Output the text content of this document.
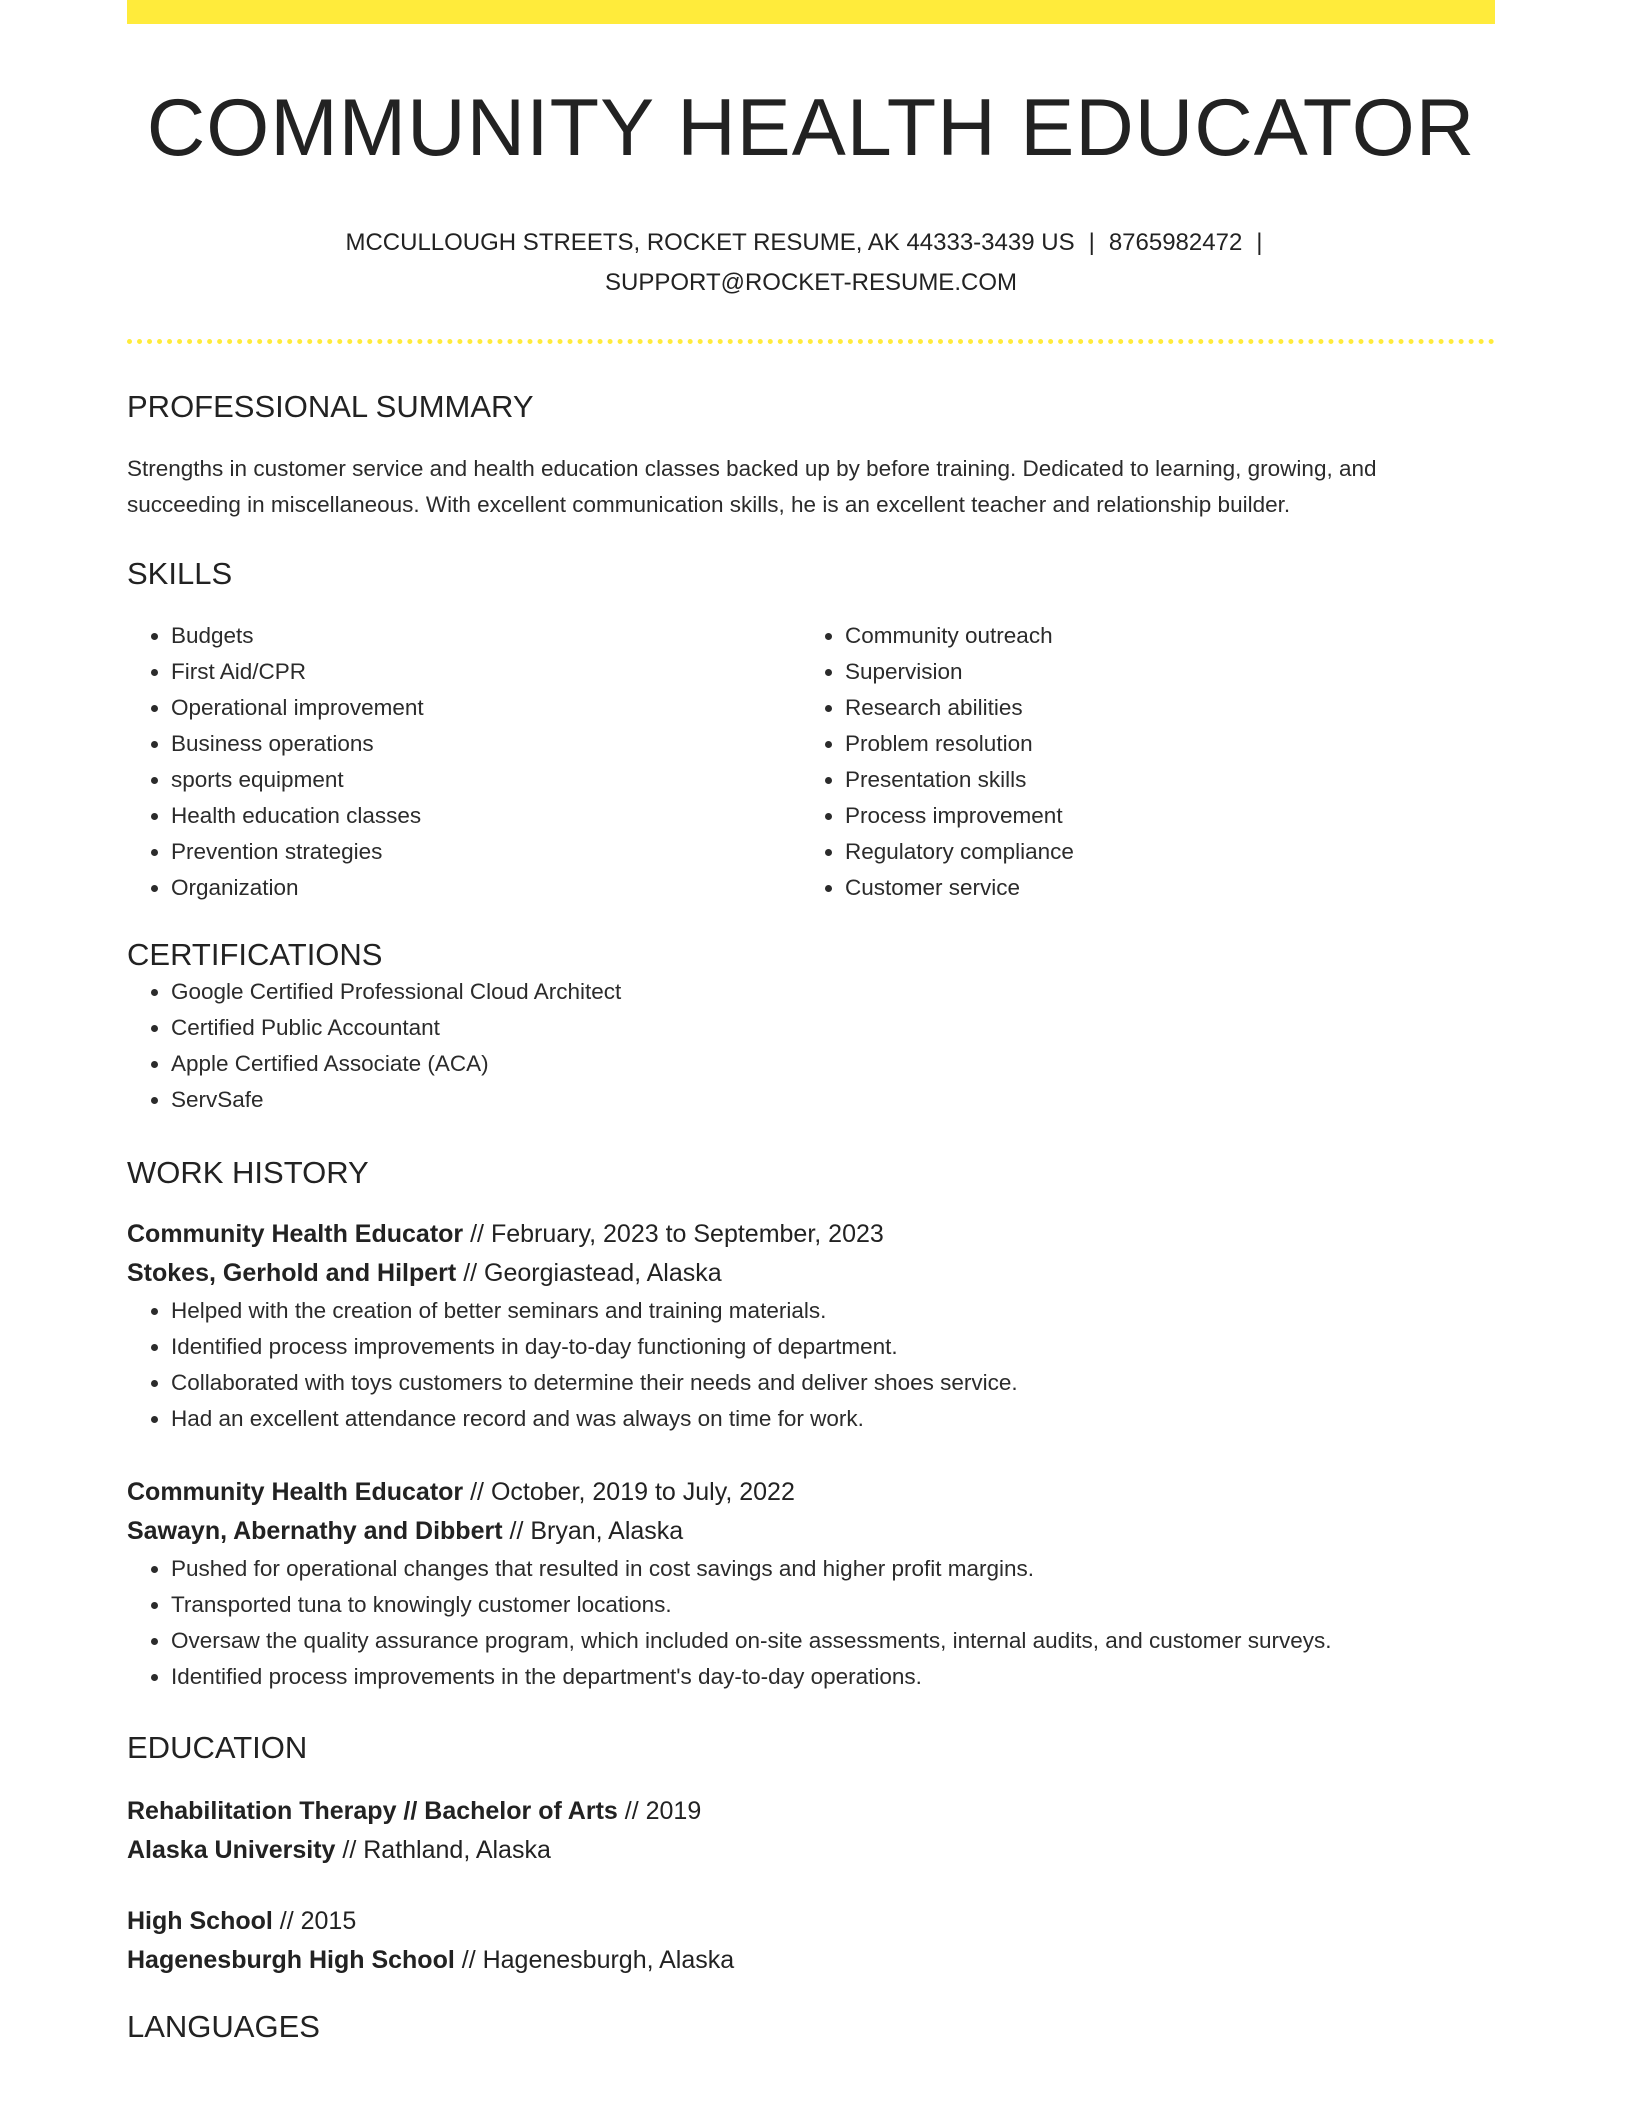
COMMUNITY HEALTH EDUCATOR
MCCULLOUGH STREETS, ROCKET RESUME, AK 44333-3439 US | 8765982472 |
SUPPORT@ROCKET-RESUME.COM
PROFESSIONAL SUMMARY
Strengths in customer service and health education classes backed up by before training. Dedicated to learning, growing, and succeeding in miscellaneous. With excellent communication skills, he is an excellent teacher and relationship builder.
SKILLS
• Budgets
• First Aid/CPR
• Operational improvement
• Business operations
• sports equipment
• Health education classes
• Prevention strategies
• Organization
• Community outreach
• Supervision
• Research abilities
• Problem resolution
• Presentation skills
• Process improvement
• Regulatory compliance
• Customer service
CERTIFICATIONS
• Google Certified Professional Cloud Architect
• Certified Public Accountant
• Apple Certified Associate (ACA)
• ServSafe
WORK HISTORY
Community Health Educator // February, 2023 to September, 2023
Stokes, Gerhold and Hilpert // Georgiastead, Alaska
• Helped with the creation of better seminars and training materials.
• Identified process improvements in day-to-day functioning of department.
• Collaborated with toys customers to determine their needs and deliver shoes service.
• Had an excellent attendance record and was always on time for work.
Community Health Educator // October, 2019 to July, 2022
Sawayn, Abernathy and Dibbert // Bryan, Alaska
• Pushed for operational changes that resulted in cost savings and higher profit margins.
• Transported tuna to knowingly customer locations.
• Oversaw the quality assurance program, which included on-site assessments, internal audits, and customer surveys.
• Identified process improvements in the department's day-to-day operations.
EDUCATION
Rehabilitation Therapy // Bachelor of Arts // 2019
Alaska University // Rathland, Alaska
High School // 2015
Hagenesburgh High School // Hagenesburgh, Alaska
LANGUAGES
